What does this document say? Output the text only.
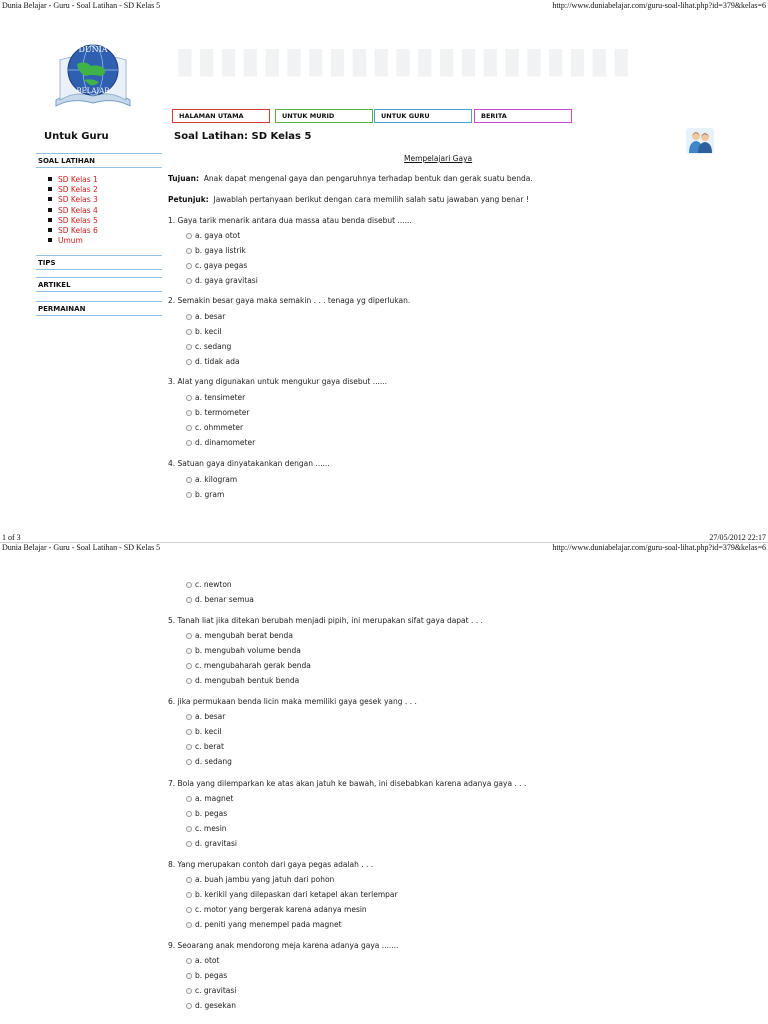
Dunia Belajar - Guru - Soal Latihan - SD Kelas 5	http://www.duniabelajar.com/guru-soal-lihat.php?id=379&kelas=6
DUNIA
BELAJAR
▮▮▮▮▮▮▮▮▮▮▮▮▮▮▮▮▮▮▮▮▮
HALAMAN UTAMA	UNTUK MURID	UNTUK GURU	BERITA
Untuk Guru
SOAL LATIHAN
SD Kelas 1
SD Kelas 2
SD Kelas 3
SD Kelas 4
SD Kelas 5
SD Kelas 6
Umum
TIPS
ARTIKEL
PERMAINAN
Soal Latihan: SD Kelas 5
Mempelajari Gaya
Tujuan: Anak dapat mengenal gaya dan pengaruhnya terhadap bentuk dan gerak suatu benda.
Petunjuk: Jawablah pertanyaan berikut dengan cara memilih salah satu jawaban yang benar !
1. Gaya tarik menarik antara dua massa atau benda disebut ......
a. gaya otot
b. gaya listrik
c. gaya pegas
d. gaya gravitasi
2. Semakin besar gaya maka semakin . . . tenaga yg diperlukan.
a. besar
b. kecil
c. sedang
d. tidak ada
3. Alat yang digunakan untuk mengukur gaya disebut ......
a. tensimeter
b. termometer
c. ohmmeter
d. dinamometer
4. Satuan gaya dinyatakankan dengan ......
a. kilogram
b. gram
1 of 3	27/05/2012 22:17
Dunia Belajar - Guru - Soal Latihan - SD Kelas 5	http://www.duniabelajar.com/guru-soal-lihat.php?id=379&kelas=6
c. newton
d. benar semua
5. Tanah liat jika ditekan berubah menjadi pipih, ini merupakan sifat gaya dapat . . .
a. mengubah berat benda
b. mengubah volume benda
c. mengubaharah gerak benda
d. mengubah bentuk benda
6. jika permukaan benda licin maka memiliki gaya gesek yang . . .
a. besar
b. kecil
c. berat
d. sedang
7. Bola yang dilemparkan ke atas akan jatuh ke bawah, ini disebabkan karena adanya gaya . . .
a. magnet
b. pegas
c. mesin
d. gravitasi
8. Yang merupakan contoh dari gaya pegas adalah . . .
a. buah jambu yang jatuh dari pohon
b. kerikil yang dilepaskan dari ketapel akan terlempar
c. motor yang bergerak karena adanya mesin
d. peniti yang menempel pada magnet
9. Seoarang anak mendorong meja karena adanya gaya .......
a. otot
b. pegas
c. gravitasi
d. gesekan
